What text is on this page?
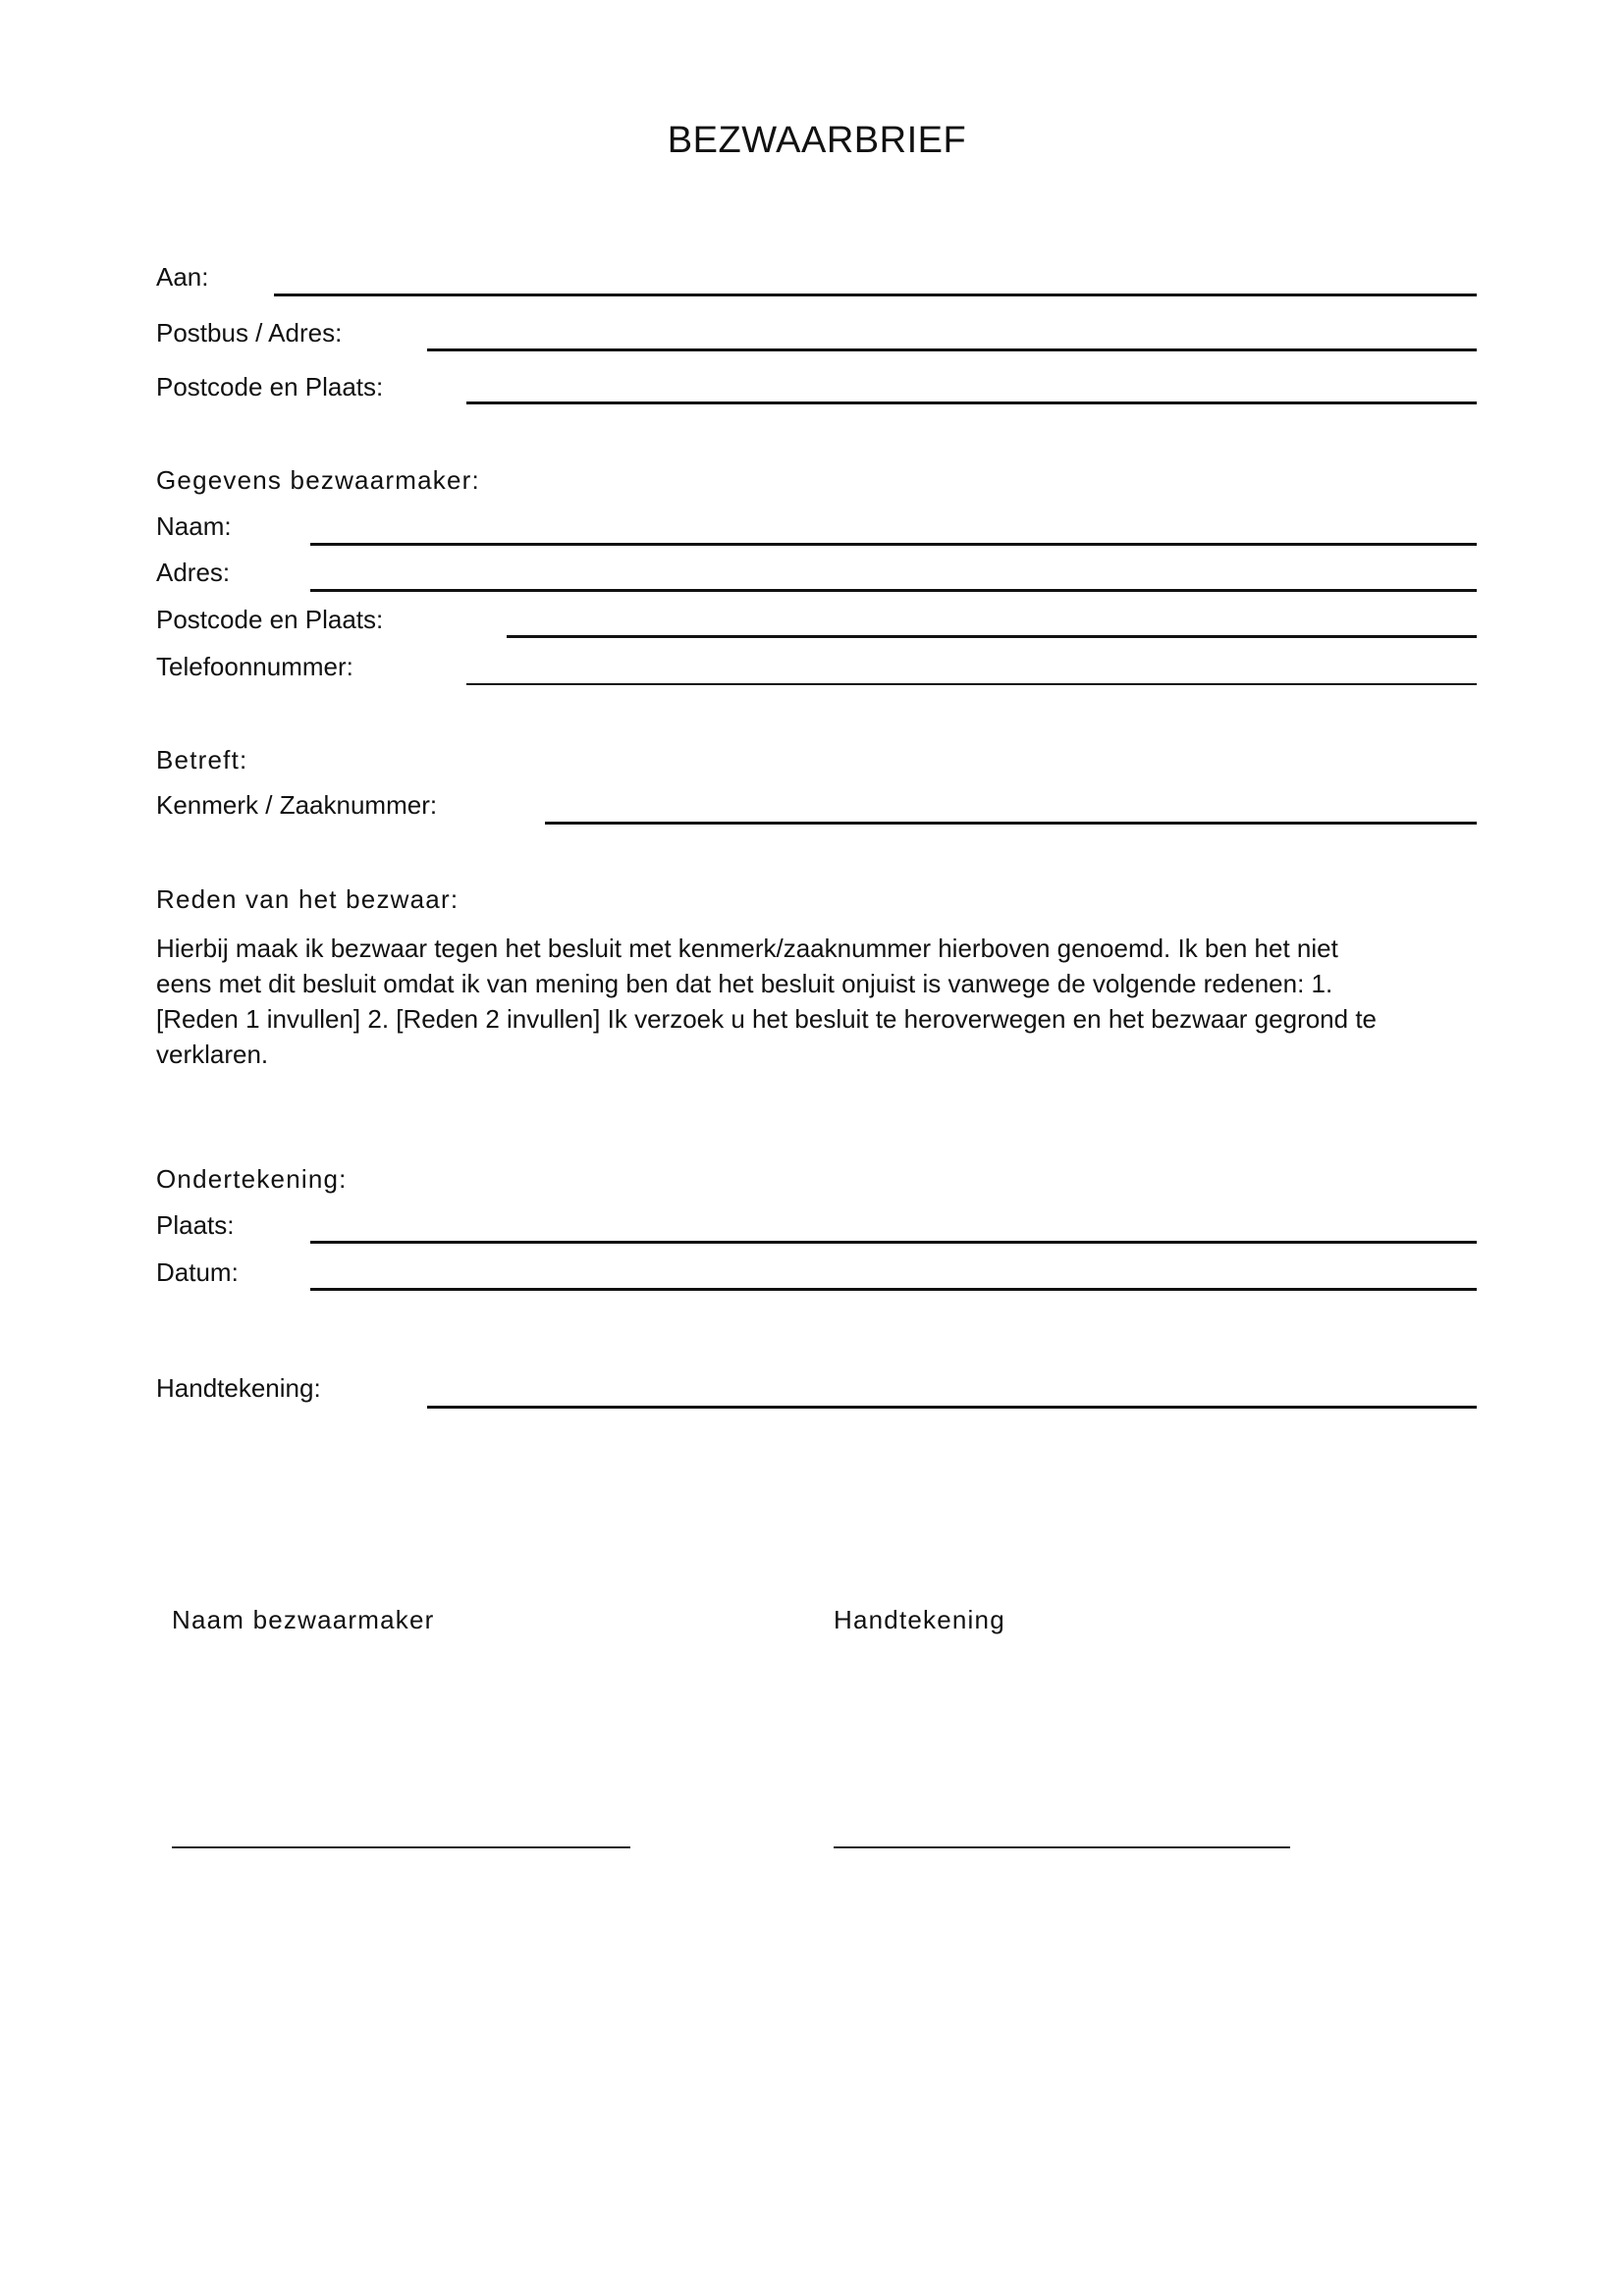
BEZWAARBRIEF
Aan:
Postbus / Adres:
Postcode en Plaats:
Gegevens bezwaarmaker:
Naam:
Adres:
Postcode en Plaats:
Telefoonnummer:
Betreft:
Kenmerk / Zaaknummer:
Reden van het bezwaar:
Hierbij maak ik bezwaar tegen het besluit met kenmerk/zaaknummer hierboven genoemd. Ik ben het niet
eens met dit besluit omdat ik van mening ben dat het besluit onjuist is vanwege de volgende redenen: 1.
[Reden 1 invullen] 2. [Reden 2 invullen] Ik verzoek u het besluit te heroverwegen en het bezwaar gegrond te
verklaren.
Ondertekening:
Plaats:
Datum:
Handtekening:
Naam bezwaarmaker	Handtekening
